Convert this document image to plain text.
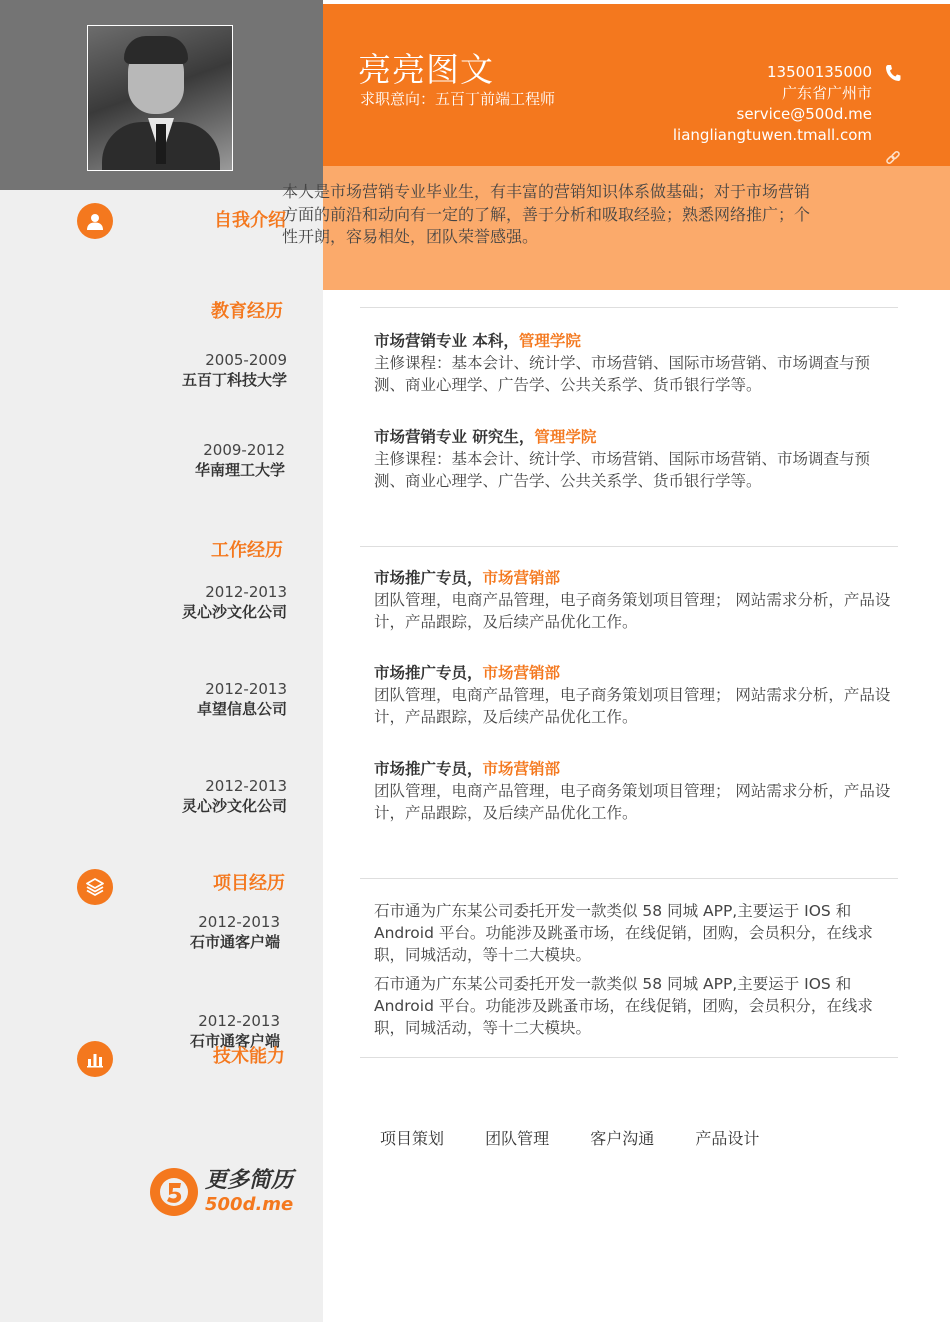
亮亮图文
求职意向：五百丁前端工程师
13500135000
广东省广州市
service@500d.me
liangliangtuwen.tmall.com
自我介绍
本人是市场营销专业毕业生，有丰富的营销知识体系做基础；对于市场营销方面的前沿和动向有一定的了解，善于分析和吸取经验；熟悉网络推广；个性开朗，容易相处，团队荣誉感强。
教育经历
2005-2009
五百丁科技大学
市场营销专业 本科，管理学院
主修课程：基本会计、统计学、市场营销、国际市场营销、市场调查与预测、商业心理学、广告学、公共关系学、货币银行学等。
2009-2012
华南理工大学
市场营销专业 研究生，管理学院
主修课程：基本会计、统计学、市场营销、国际市场营销、市场调查与预测、商业心理学、广告学、公共关系学、货币银行学等。
工作经历
2012-2013
灵心沙文化公司
市场推广专员，市场营销部
团队管理，电商产品管理，电子商务策划项目管理； 网站需求分析，产品设计，产品跟踪，及后续产品优化工作。
2012-2013
卓望信息公司
市场推广专员，市场营销部
团队管理，电商产品管理，电子商务策划项目管理； 网站需求分析，产品设计，产品跟踪，及后续产品优化工作。
2012-2013
灵心沙文化公司
市场推广专员，市场营销部
团队管理，电商产品管理，电子商务策划项目管理； 网站需求分析，产品设计，产品跟踪，及后续产品优化工作。
项目经历
2012-2013
石市通客户端
石市通为广东某公司委托开发一款类似 58 同城 APP,主要运于 IOS 和 Android 平台。功能涉及跳蚤市场，在线促销，团购，会员积分，在线求职，同城活动，等十二大模块。
2012-2013
石市通客户端
石市通为广东某公司委托开发一款类似 58 同城 APP,主要运于 IOS 和 Android 平台。功能涉及跳蚤市场，在线促销，团购，会员积分，在线求职，同城活动，等十二大模块。
技术能力
项目策划	团队管理	客户沟通	产品设计
更多简历
500d.me
